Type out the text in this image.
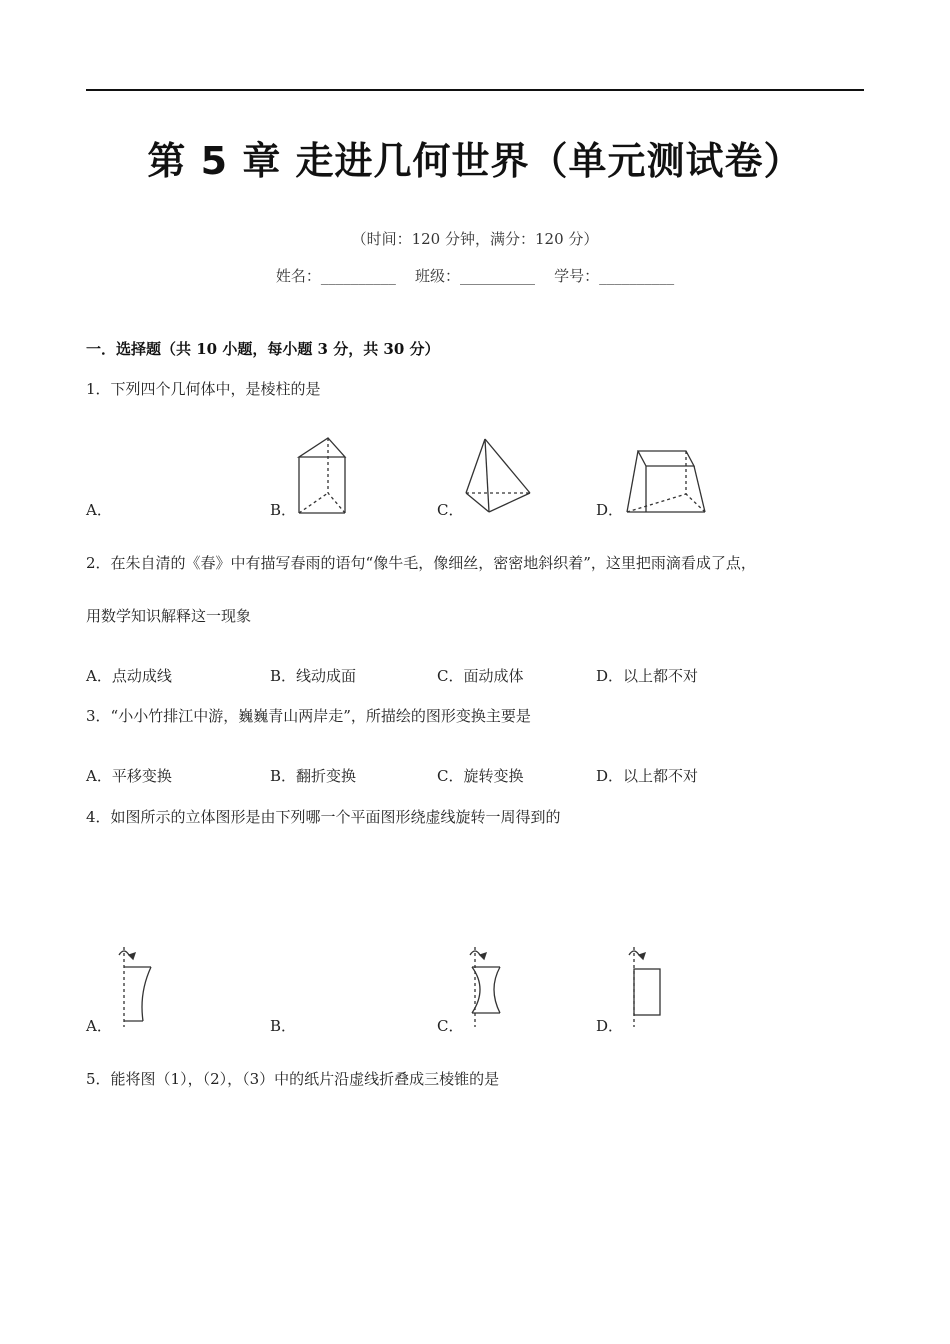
第 5 章 走进几何世界（单元测试卷）
（时间：120 分钟，满分：120 分）
姓名：__________    班级：__________    学号：__________
一．选择题（共 10 小题，每小题 3 分，共 30 分）
1．下列四个几何体中，是棱柱的是
A．	B．	C．	D．
2．在朱自清的《春》中有描写春雨的语句“像牛毛，像细丝，密密地斜织着”，这里把雨滴看成了点，
用数学知识解释这一现象
A．点动成线	B．线动成面	C．面动成体	D．以上都不对
3．“小小竹排江中游，巍巍青山两岸走”，所描绘的图形变换主要是
A．平移变换	B．翻折变换	C．旋转变换	D．以上都不对
4．如图所示的立体图形是由下列哪一个平面图形绕虚线旋转一周得到的
A．	B．	C．	D．
5．能将图（1），（2），（3）中的纸片沿虚线折叠成三棱锥的是
